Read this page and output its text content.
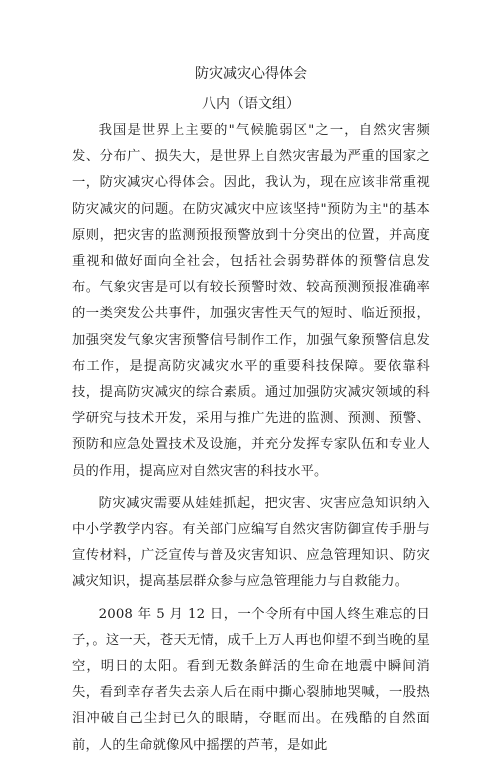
防灾减灾心得体会

八内（语文组）

我国是世界上主要的"气候脆弱区"之一，自然灾害频发、分布广、损失大，是世界上自然灾害最为严重的国家之一，防灾减灾心得体会。因此，我认为，现在应该非常重视防灾减灾的问题。在防灾减灾中应该坚持"预防为主"的基本原则，把灾害的监测预报预警放到十分突出的位置，并高度重视和做好面向全社会，包括社会弱势群体的预警信息发布。气象灾害是可以有较长预警时效、较高预测预报准确率的一类突发公共事件，加强灾害性天气的短时、临近预报，加强突发气象灾害预警信号制作工作，加强气象预警信息发布工作，是提高防灾减灾水平的重要科技保障。要依靠科技，提高防灾减灾的综合素质。通过加强防灾减灾领域的科学研究与技术开发，采用与推广先进的监测、预测、预警、预防和应急处置技术及设施，并充分发挥专家队伍和专业人员的作用，提高应对自然灾害的科技水平。

防灾减灾需要从娃娃抓起，把灾害、灾害应急知识纳入中小学教学内容。有关部门应编写自然灾害防御宣传手册与宣传材料，广泛宣传与普及灾害知识、应急管理知识、防灾减灾知识，提高基层群众参与应急管理能力与自救能力。

2008 年 5 月 12 日，一个令所有中国人终生难忘的日子，。这一天，苍天无情，成千上万人再也仰望不到当晚的星空，明日的太阳。看到无数条鲜活的生命在地震中瞬间消失，看到幸存者失去亲人后在雨中撕心裂肺地哭喊，一股热泪冲破自己尘封已久的眼睛，夺眶而出。在残酷的自然面前，人的生命就像风中摇摆的芦苇，是如此
